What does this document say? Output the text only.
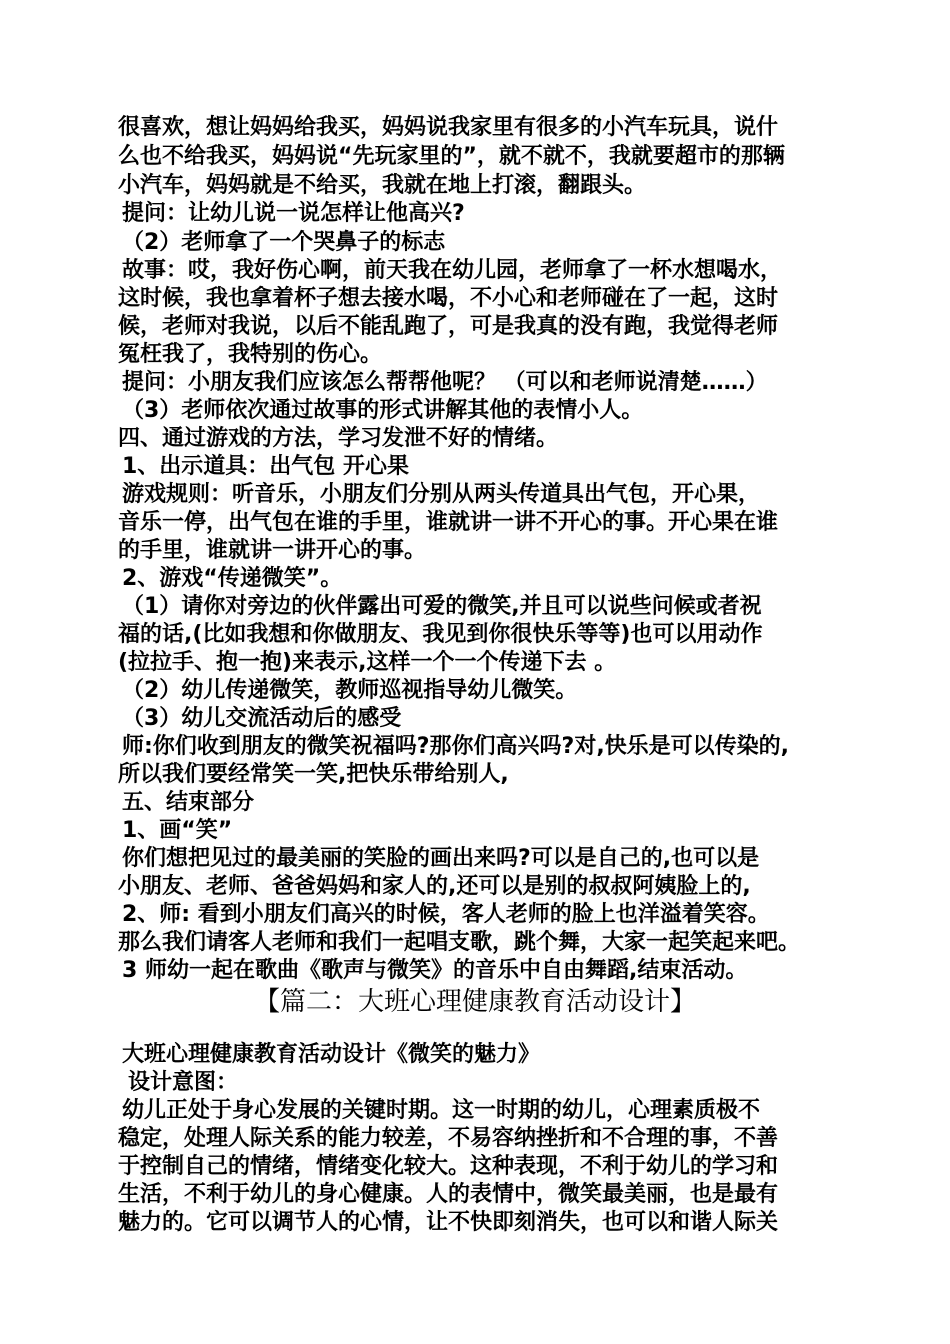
很喜欢，想让妈妈给我买，妈妈说我家里有很多的小汽车玩具，说什
么也不给我买，妈妈说“先玩家里的”，就不就不，我就要超市的那辆
小汽车，妈妈就是不给买，我就在地上打滚，翻跟头。
提问：让幼儿说一说怎样让他高兴?
（2）老师拿了一个哭鼻子的标志
故事：哎，我好伤心啊，前天我在幼儿园，老师拿了一杯水想喝水，
这时候，我也拿着杯子想去接水喝，不小心和老师碰在了一起，这时
候，老师对我说，以后不能乱跑了，可是我真的没有跑，我觉得老师
冤枉我了，我特别的伤心。
提问：小朋友我们应该怎么帮帮他呢？ （可以和老师说清楚……）
（3）老师依次通过故事的形式讲解其他的表情小人。
四、通过游戏的方法，学习发泄不好的情绪。
1、出示道具：出气包 开心果
游戏规则：听音乐，小朋友们分别从两头传道具出气包，开心果，
音乐一停，出气包在谁的手里，谁就讲一讲不开心的事。开心果在谁
的手里，谁就讲一讲开心的事。
2、游戏“传递微笑”。
（1）请你对旁边的伙伴露出可爱的微笑,并且可以说些问候或者祝
福的话,(比如我想和你做朋友、我见到你很快乐等等)也可以用动作
(拉拉手、抱一抱)来表示,这样一个一个传递下去 。
（2）幼儿传递微笑，教师巡视指导幼儿微笑。
（3）幼儿交流活动后的感受
师:你们收到朋友的微笑祝福吗?那你们高兴吗?对,快乐是可以传染的,
所以我们要经常笑一笑,把快乐带给别人,
五、结束部分
1、画“笑”
你们想把见过的最美丽的笑脸的画出来吗?可以是自己的,也可以是
小朋友、老师、爸爸妈妈和家人的,还可以是别的叔叔阿姨脸上的,
2、师: 看到小朋友们高兴的时候，客人老师的脸上也洋溢着笑容。
那么我们请客人老师和我们一起唱支歌，跳个舞，大家一起笑起来吧。
3 师幼一起在歌曲《歌声与微笑》的音乐中自由舞蹈,结束活动。
【篇二：大班心理健康教育活动设计】
大班心理健康教育活动设计《微笑的魅力》
设计意图：
幼儿正处于身心发展的关键时期。这一时期的幼儿，心理素质极不
稳定，处理人际关系的能力较差，不易容纳挫折和不合理的事，不善
于控制自己的情绪，情绪变化较大。这种表现，不利于幼儿的学习和
生活，不利于幼儿的身心健康。人的表情中，微笑最美丽，也是最有
魅力的。它可以调节人的心情，让不快即刻消失，也可以和谐人际关
